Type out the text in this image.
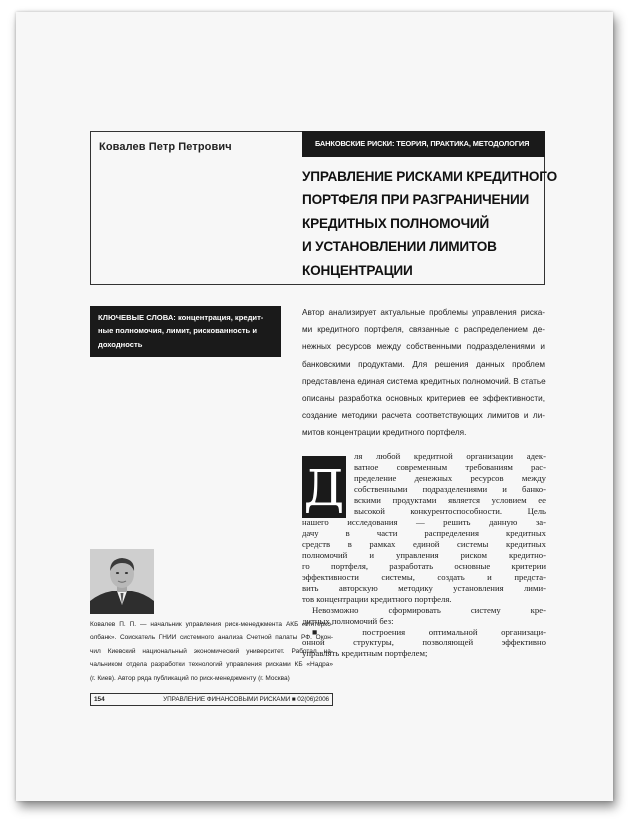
Ковалев Петр Петрович	БАНКОВСКИЕ РИСКИ: ТЕОРИЯ, ПРАКТИКА, МЕТОДОЛОГИЯ
УПРАВЛЕНИЕ РИСКАМИ КРЕДИТНОГО
ПОРТФЕЛЯ ПРИ РАЗГРАНИЧЕНИИ
КРЕДИТНЫХ ПОЛНОМОЧИЙ
И УСТАНОВЛЕНИИ ЛИМИТОВ
КОНЦЕНТРАЦИИ
КЛЮЧЕВЫЕ СЛОВА: концентрация, кредит-
ные полномочия, лимит, рискованность и
доходность
Автор анализирует актуальные проблемы управления риска-
ми кредитного портфеля, связанные с распределением де-
нежных ресурсов между собственными подразделениями и
банковскими продуктами. Для решения данных проблем
представлена единая система кредитных полномочий. В статье
описаны разработка основных критериев ее эффективности,
создание методики расчета соответствующих лимитов и ли-
митов концентрации кредитного портфеля.
Д
ля любой кредитной организации адек-
ватное современным требованиям рас-
пределение денежных ресурсов между
собственными подразделениями и банко-
вскими продуктами является условием ее
высокой конкурентоспособности. Цель
нашего исследования — решить данную за-
дачу в части распределения кредитных
средств в рамках единой системы кредитных
полномочий и управления риском кредитно-
го портфеля, разработать основные критерии
эффективности системы, создать и предста-
вить авторскую методику установления лими-
тов концентрации кредитного портфеля.
Невозможно сформировать систему кре-
дитных полномочий без:
■ построения оптимальной организаци-
онной структуры, позволяющей эффективно
управлять кредитным портфелем;
Ковалев П. П. — начальник управления риск-менеджмента АКБ «Интерко-
олбанк». Соискатель ГНИИ системного анализа Счетной палаты РФ. Окон-
чил Киевский национальный экономический университет. Работал на-
чальником отдела разработки технологий управления рисками КБ «Надра»
(г. Киев). Автор ряда публикаций по риск-менеджменту (г. Москва)
154	УПРАВЛЕНИЕ ФИНАНСОВЫМИ РИСКАМИ ■ 02(06)2006
